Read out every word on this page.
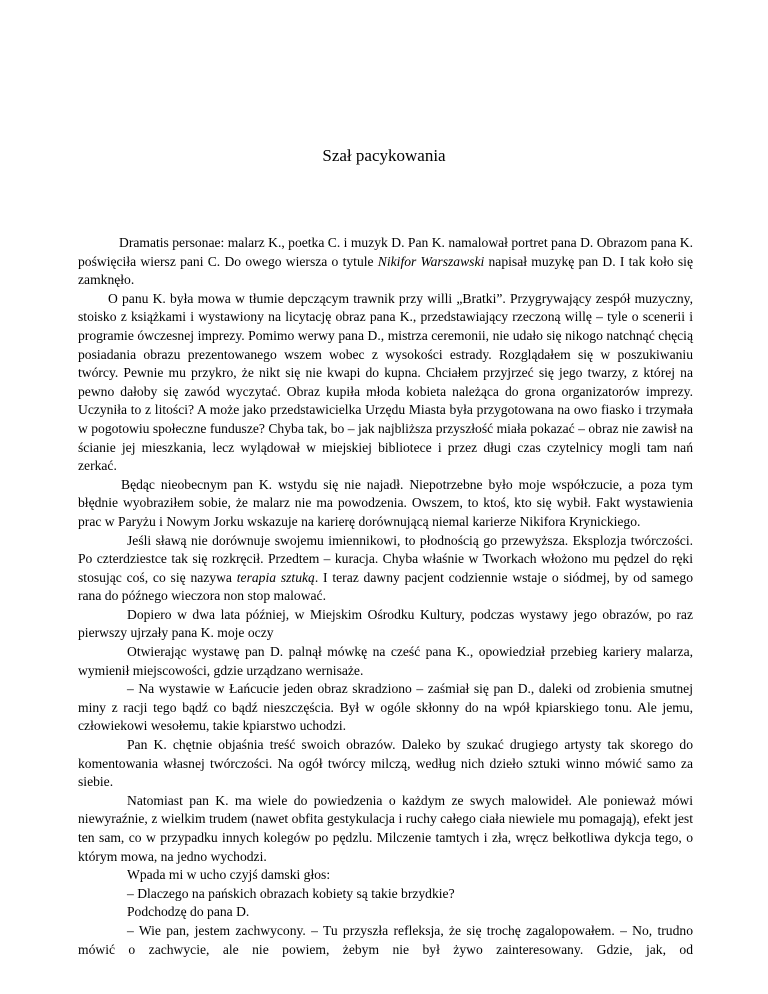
Szał pacykowania

Dramatis personae: malarz K., poetka C. i muzyk D. Pan K. namalował portret pana D. Obrazom pana K. poświęciła wiersz pani C. Do owego wiersza o tytule Nikifor Warszawski napisał muzykę pan D. I tak koło się zamknęło.

O panu K. była mowa w tłumie depczącym trawnik przy willi „Bratki”. Przygrywający zespół muzyczny, stoisko z książkami i wystawiony na licytację obraz pana K., przedstawiający rzeczoną willę – tyle o scenerii i programie ówczesnej imprezy. Pomimo werwy pana D., mistrza ceremonii, nie udało się nikogo natchnąć chęcią posiadania obrazu prezentowanego wszem wobec z wysokości estrady. Rozglądałem się w poszukiwaniu twórcy. Pewnie mu przykro, że nikt się nie kwapi do kupna. Chciałem przyjrzeć się jego twarzy, z której na pewno dałoby się zawód wyczytać. Obraz kupiła młoda kobieta należąca do grona organizatorów imprezy. Uczyniła to z litości? A może jako przedstawicielka Urzędu Miasta była przygotowana na owo fiasko i trzymała w pogotowiu społeczne fundusze? Chyba tak, bo – jak najbliższa przyszłość miała pokazać – obraz nie zawisł na ścianie jej mieszkania, lecz wylądował w miejskiej bibliotece i przez długi czas czytelnicy mogli tam nań zerkać.

Będąc nieobecnym pan K. wstydu się nie najadł. Niepotrzebne było moje współczucie, a poza tym błędnie wyobraziłem sobie, że malarz nie ma powodzenia. Owszem, to ktoś, kto się wybił. Fakt wystawienia prac w Paryżu i Nowym Jorku wskazuje na karierę dorównującą niemal karierze Nikifora Krynickiego.

Jeśli sławą nie dorównuje swojemu imiennikowi, to płodnością go przewyższa. Eksplozja twórczości. Po czterdziestce tak się rozkręcił. Przedtem – kuracja. Chyba właśnie w Tworkach włożono mu pędzel do ręki stosując coś, co się nazywa terapia sztuką. I teraz dawny pacjent codziennie wstaje o siódmej, by od samego rana do późnego wieczora non stop malować.

Dopiero w dwa lata później, w Miejskim Ośrodku Kultury, podczas wystawy jego obrazów, po raz pierwszy ujrzały pana K. moje oczy

Otwierając wystawę pan D. palnął mówkę na cześć pana K., opowiedział przebieg kariery malarza, wymienił miejscowości, gdzie urządzano wernisaże.

– Na wystawie w Łańcucie jeden obraz skradziono – zaśmiał się pan D., daleki od zrobienia smutnej miny z racji tego bądź co bądź nieszczęścia. Był w ogóle skłonny do na wpół kpiarskiego tonu. Ale jemu, człowiekowi wesołemu, takie kpiarstwo uchodzi.

Pan K. chętnie objaśnia treść swoich obrazów. Daleko by szukać drugiego artysty tak skorego do komentowania własnej twórczości. Na ogół twórcy milczą, według nich dzieło sztuki winno mówić samo za siebie.

Natomiast pan K. ma wiele do powiedzenia o każdym ze swych malowideł. Ale ponieważ mówi niewyraźnie, z wielkim trudem (nawet obfita gestykulacja i ruchy całego ciała niewiele mu pomagają), efekt jest ten sam, co w przypadku innych kolegów po pędzlu. Milczenie tamtych i zła, wręcz bełkotliwa dykcja tego, o którym mowa, na jedno wychodzi.

Wpada mi w ucho czyjś damski głos:

– Dlaczego na pańskich obrazach kobiety są takie brzydkie?

Podchodzę do pana D.

– Wie pan, jestem zachwycony. – Tu przyszła refleksja, że się trochę zagalopowałem. – No, trudno mówić o zachwycie, ale nie powiem, żebym nie był żywo zainteresowany. Gdzie, jak, od
